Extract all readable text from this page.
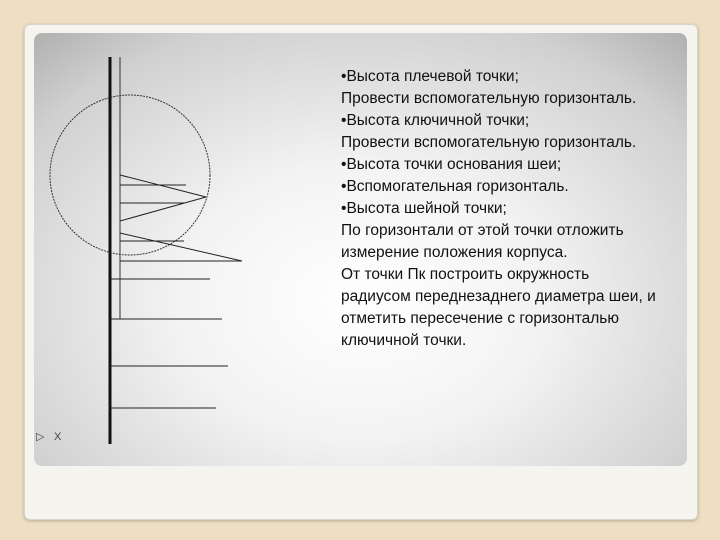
▷ X

• Высота плечевой точки;

Провести вспомогательную горизонталь.

• Высота ключичной точки;

Провести вспомогательную горизонталь.

• Высота точки основания шеи;

• Вспомогательная горизонталь.

• Высота шейной точки;

По горизонтали от этой точки отложить измерение положения корпуса.

От точки Пк построить окружность радиусом переднезаднего диаметра шеи, и отметить пересечение с горизонталью ключичной точки.
